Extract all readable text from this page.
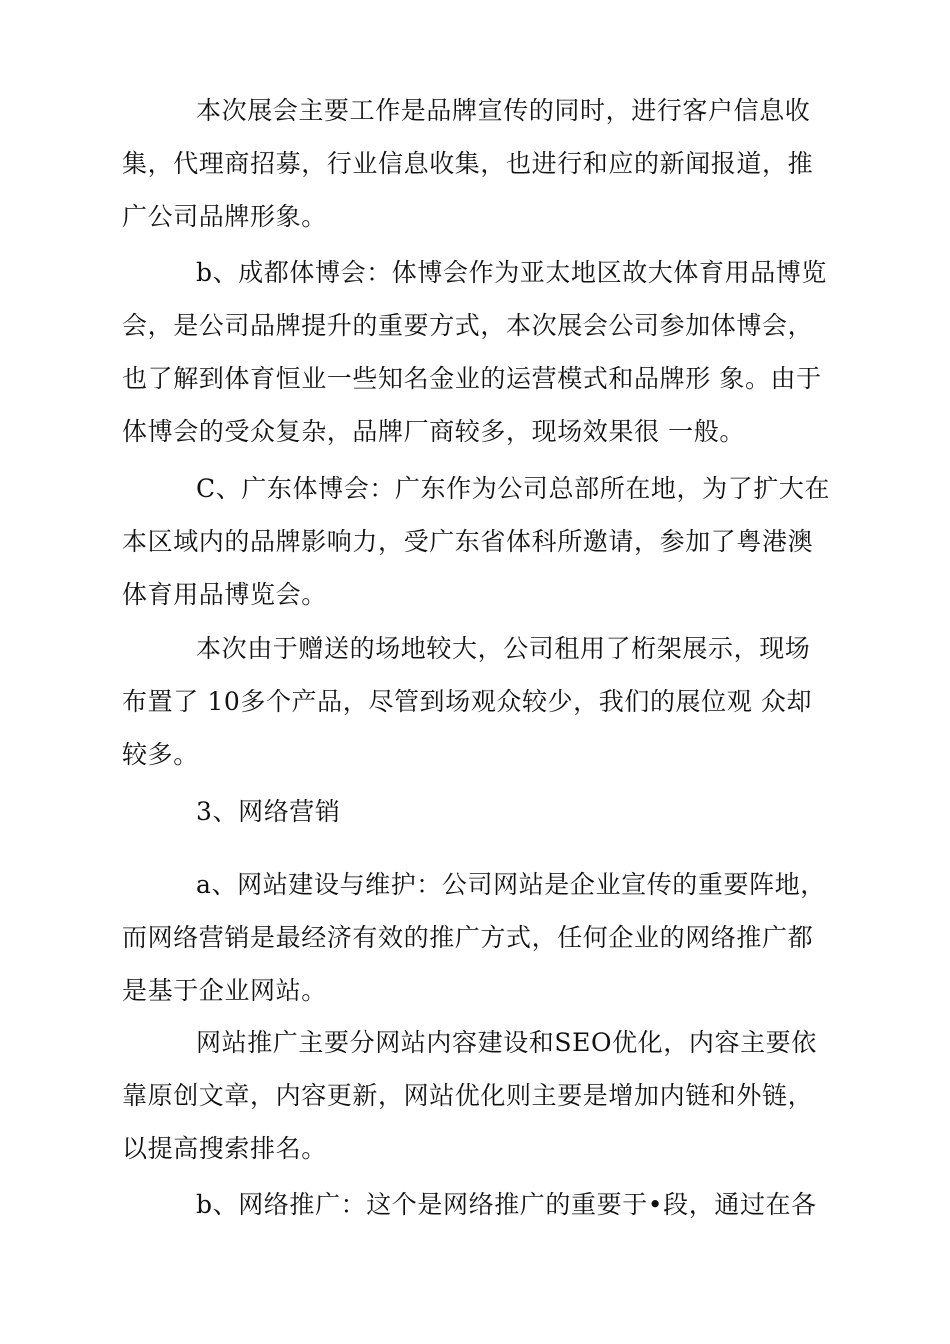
本次展会主要工作是品牌宣传的同时，进行客户信息收集，代理商招募，行业信息收集，也进行和应的新闻报道，推广公司品牌形象。

b、成都体博会：体博会作为亚太地区故大体育用品博览会，是公司品牌提升的重要方式，本次展会公司参加体博会，也了解到体育恒业一些知名金业的运营模式和品牌形 象。由于体博会的受众复杂，品牌厂商较多，现场效果很 一般。

C、广东体博会：广东作为公司总部所在地，为了扩大在本区域内的品牌影响力，受广东省体科所邀请，参加了粤港澳体育用品博览会。

本次由于赠送的场地较大，公司租用了桁架展示，现场布置了 10多个产品，尽管到场观众较少，我们的展位观 众却较多。

3、网络营销

a、网站建设与维护：公司网站是企业宣传的重要阵地，而网络营销是最经济有效的推广方式，任何企业的网络推广都是基于企业网站。

网站推广主要分网站内容建设和SEO优化，内容主要依靠原创文章，内容更新，网站优化则主要是增加内链和外链，以提高搜索排名。

b、网络推广：这个是网络推广的重要于•段，通过在各
